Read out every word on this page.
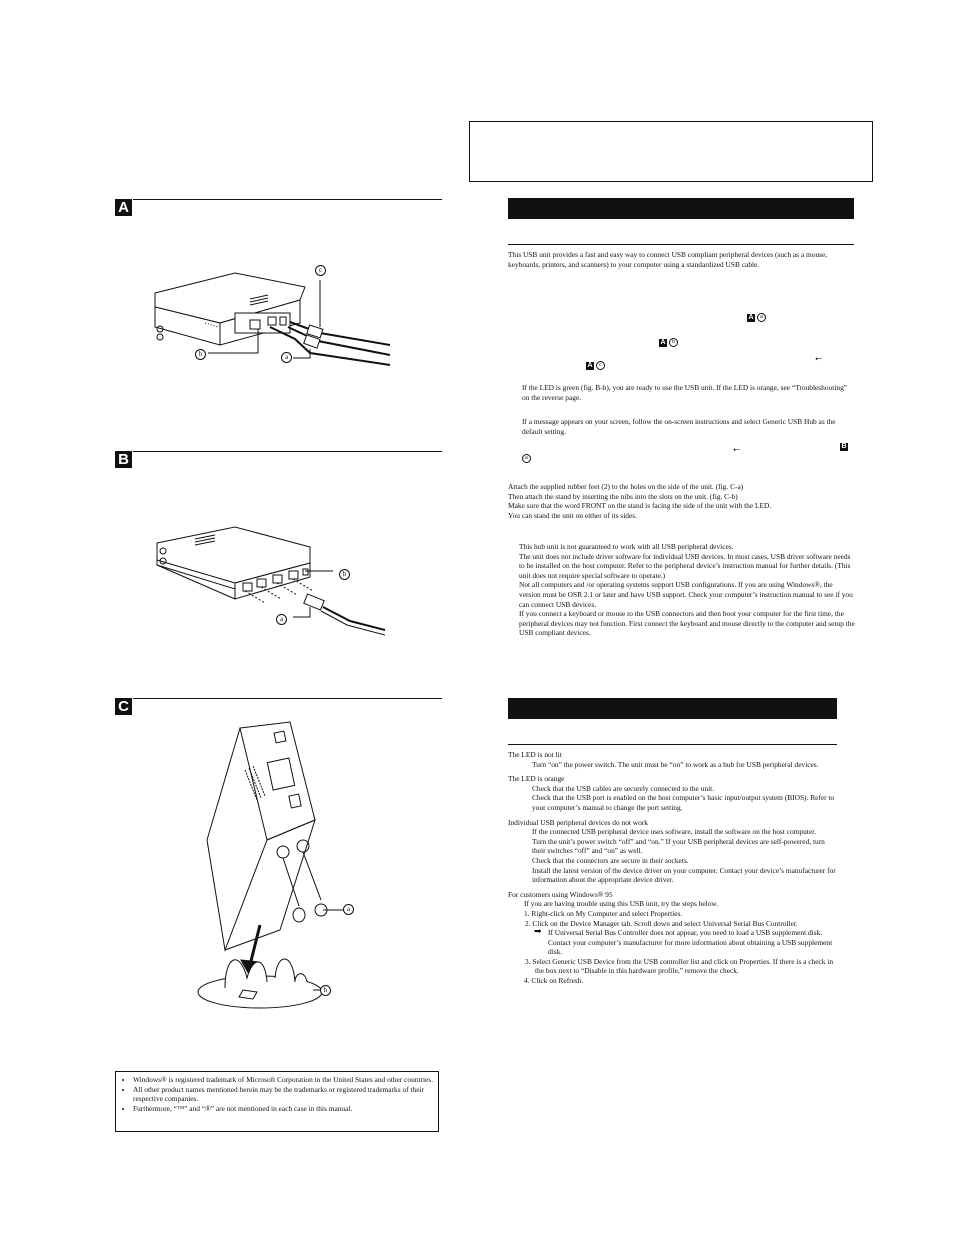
A
c
b	a
B
b
a
C
a
b
• Windows® is registered trademark of Microsoft Corporation in the United States and other countries.
• All other product names mentioned herein may be the trademarks or registered trademarks of their respective companies.
• Furthermore, “™” and “®” are not mentioned in each case in this manual.
This USB unit provides a fast and easy way to connect USB compliant peripheral devices (such as a mouse, keyboards, printers, and scanners) to your computer using a standardized USB cable.
A a
A b
⭠
A c
If the LED is green (fig. B-b), you are ready to use the USB unit. If the LED is orange, see “Troubleshooting” on the reverse page.
If a message appears on your screen, follow the on-screen instructions and select Generic USB Hub as the default setting.
⭠	B
a

Attach the supplied rubber feet (2) to the holes on the side of the unit. (fig. C-a)

Then attach the stand by inserting the nibs into the slots on the unit. (fig. C-b)

Make sure that the word FRONT on the stand is facing the side of the unit with the LED.

You can stand the unit on either of its sides.

This hub unit is not guaranteed to work with all USB peripheral devices.

The unit does not include driver software for individual USB devices. In most cases, USB driver software needs to be installed on the host computer. Refer to the peripheral device’s instruction manual for further details. (This unit does not require special software to operate.)

Not all computers and /or operating systems support USB configurations. If you are using Windows®, the version must be OSR 2.1 or later and have USB support. Check your computer’s instruction manual to see if you can connect USB devices.

If you connect a keyboard or mouse to the USB connectors and then boot your computer for the first time, the peripheral devices may not function. First connect the keyboard and mouse directly to the computer and setup the USB compliant devices.

The LED is not lit

Turn “on” the power switch. The unit must be “on” to work as a hub for USB peripheral devices.

The LED is orange

Check that the USB cables are securely connected to the unit.

Check that the USB port is enabled on the host computer’s basic input/output system (BIOS). Refer to your computer’s manual to change the port setting.

Individual USB peripheral devices do not work

If the connected USB peripheral device uses software, install the software on the host computer.

Turn the unit’s power switch “off” and “on.” If your USB peripheral devices are self-powered, turn their switches “off” and “on” as well.

Check that the connectors are secure in their sockets.

Install the latest version of the device driver on your computer. Contact your device’s manufacturer for information about the appropriate device driver.

For customers using Windows® 95

If you are having trouble using this USB unit, try the steps below.

1. Right-click on My Computer and select Properties.

2. Click on the Device Manager tab. Scroll down and select Universal Serial Bus Controller.

➡ If Universal Serial Bus Controller does not appear, you need to load a USB supplement disk. Contact your computer’s manufacturer for more information about obtaining a USB supplement disk.

3. Select Generic USB Device from the USB controller list and click on Properties. If there is a check in the box next to “Disable in this hardware profile,” remove the check.

4. Click on Refresh.
